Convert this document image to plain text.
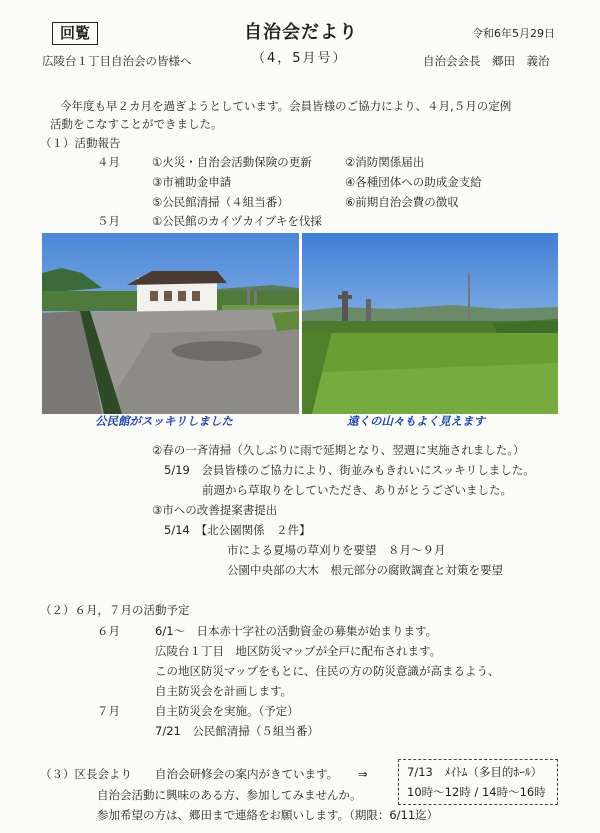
回覧	自治会だより	令和6年5月29日
広陵台１丁目自治会の皆様へ	（4，5月号）	自治会会長　郷田　義治
今年度も早２カ月を過ぎようとしています。会員皆様のご協力により、４月,５月の定例
活動をこなすことができました。
（１）活動報告
４月	①火災・自治会活動保険の更新	②消防関係届出
③市補助金申請	④各種団体への助成金支給
⑤公民館清掃（４組当番）	⑥前期自治会費の徴収
５月	①公民館のカイヅカイブキを伐採
公民館がスッキリしました	遠くの山々もよく見えます
②春の一斉清掃（久しぶりに雨で延期となり、翌週に実施されました。）
5/19　会員皆様のご協力により、街並みもきれいにスッキリしました。
前週から草取りをしていただき、ありがとうございました。
③市への改善提案書提出
5/14　【北公園関係　２件】
市による夏場の草刈りを要望　８月～９月
公園中央部の大木　根元部分の腐敗調査と対策を要望
（２）６月，７月の活動予定
６月	6/1～　日本赤十字社の活動資金の募集が始まります。
広陵台１丁目　地区防災マップが全戸に配布されます。
この地区防災マップをもとに、住民の方の防災意識が高まるよう、
自主防災会を計画します。
７月	自主防災会を実施。（予定）
7/21　公民館清掃（５組当番）
（３）区長会より 自治会研修会の案内がきています。 ⇒
自治会活動に興味のある方、参加してみませんか。
参加希望の方は、郷田まで連絡をお願いします。（期限：6/11迄）
7/13　ﾒｲﾄﾑ（多目的ﾎｰﾙ）
10時～12時 / 14時～16時
